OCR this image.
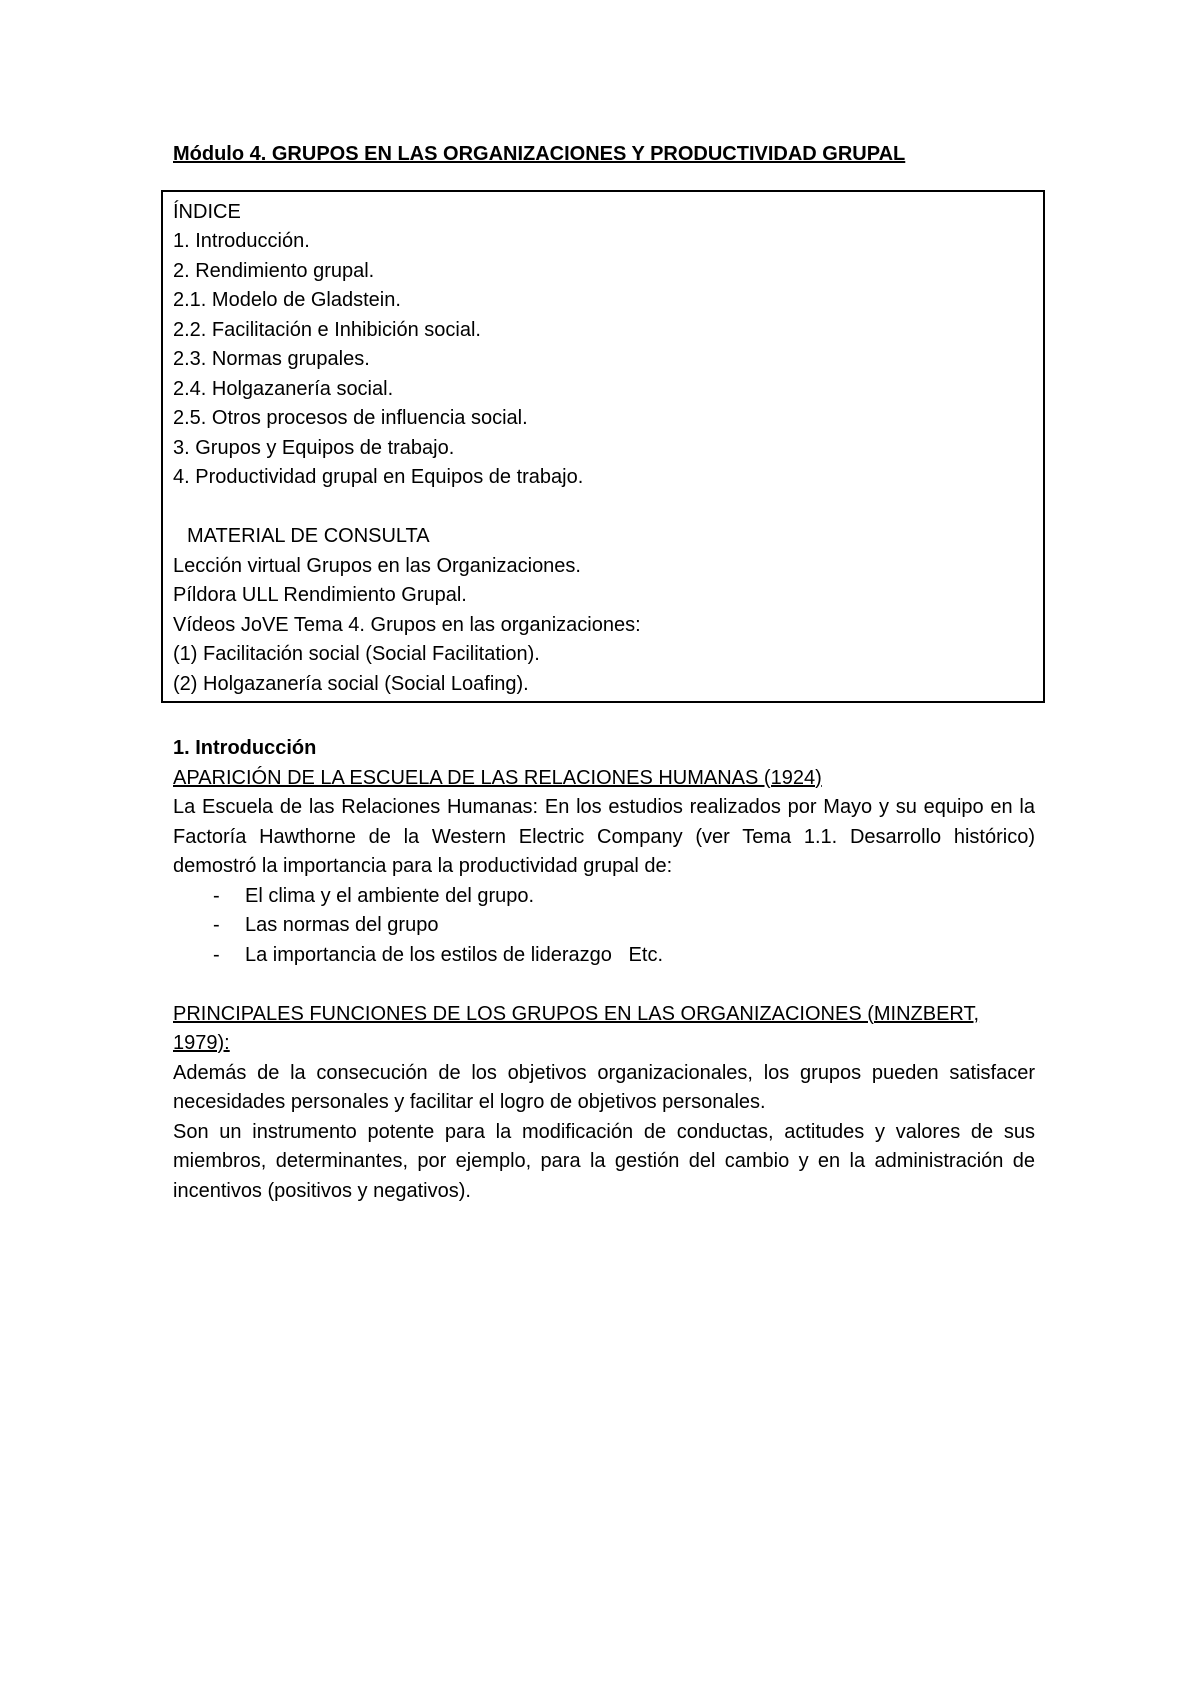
Módulo 4. GRUPOS EN LAS ORGANIZACIONES Y PRODUCTIVIDAD GRUPAL
ÍNDICE
1. Introducción.
2. Rendimiento grupal.
2.1. Modelo de Gladstein.
2.2. Facilitación e Inhibición social.
2.3. Normas grupales.
2.4. Holgazanería social.
2.5. Otros procesos de influencia social.
3. Grupos y Equipos de trabajo.
4. Productividad grupal en Equipos de trabajo.
MATERIAL DE CONSULTA
Lección virtual Grupos en las Organizaciones.
Píldora ULL Rendimiento Grupal.
Vídeos JoVE Tema 4. Grupos en las organizaciones:
(1) Facilitación social (Social Facilitation).
(2) Holgazanería social (Social Loafing).
1. Introducción
APARICIÓN DE LA ESCUELA DE LAS RELACIONES HUMANAS (1924)
La Escuela de las Relaciones Humanas: En los estudios realizados por Mayo y su equipo en la Factoría Hawthorne de la Western Electric Company (ver Tema 1.1. Desarrollo histórico) demostró la importancia para la productividad grupal de:
- El clima y el ambiente del grupo.
- Las normas del grupo
- La importancia de los estilos de liderazgo   Etc.
PRINCIPALES FUNCIONES DE LOS GRUPOS EN LAS ORGANIZACIONES (MINZBERT, 1979):
Además de la consecución de los objetivos organizacionales, los grupos pueden satisfacer necesidades personales y facilitar el logro de objetivos personales.
Son un instrumento potente para la modificación de conductas, actitudes y valores de sus miembros, determinantes, por ejemplo, para la gestión del cambio y en la administración de incentivos (positivos y negativos).
